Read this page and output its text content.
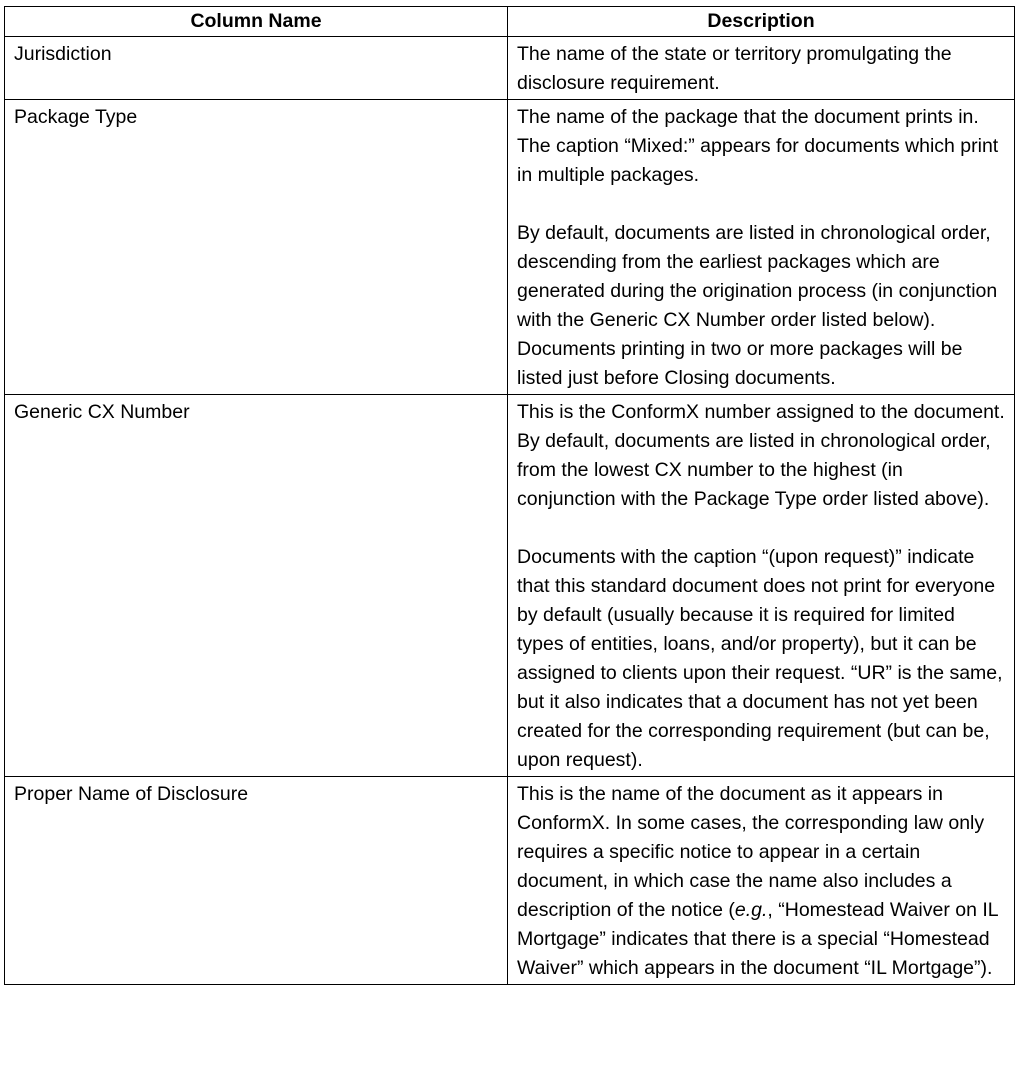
Column Name	Description
Jurisdiction	The name of the state or territory promulgating the disclosure requirement.

Package Type	The name of the package that the document prints in. The caption “Mixed:” appears for documents which print in multiple packages.
By default, documents are listed in chronological order, descending from the earliest packages which are generated during the origination process (in conjunction with the Generic CX Number order listed below). Documents printing in two or more packages will be listed just before Closing documents.

Generic CX Number	This is the ConformX number assigned to the document. By default, documents are listed in chronological order, from the lowest CX number to the highest (in conjunction with the Package Type order listed above).
Documents with the caption “(upon request)” indicate that this standard document does not print for everyone by default (usually because it is required for limited types of entities, loans, and/or property), but it can be assigned to clients upon their request. “UR” is the same, but it also indicates that a document has not yet been created for the corresponding requirement (but can be, upon request).

Proper Name of Disclosure	This is the name of the document as it appears in ConformX. In some cases, the corresponding law only requires a specific notice to appear in a certain document, in which case the name also includes a description of the notice (e.g., “Homestead Waiver on IL Mortgage” indicates that there is a special “Homestead Waiver” which appears in the document “IL Mortgage”).
